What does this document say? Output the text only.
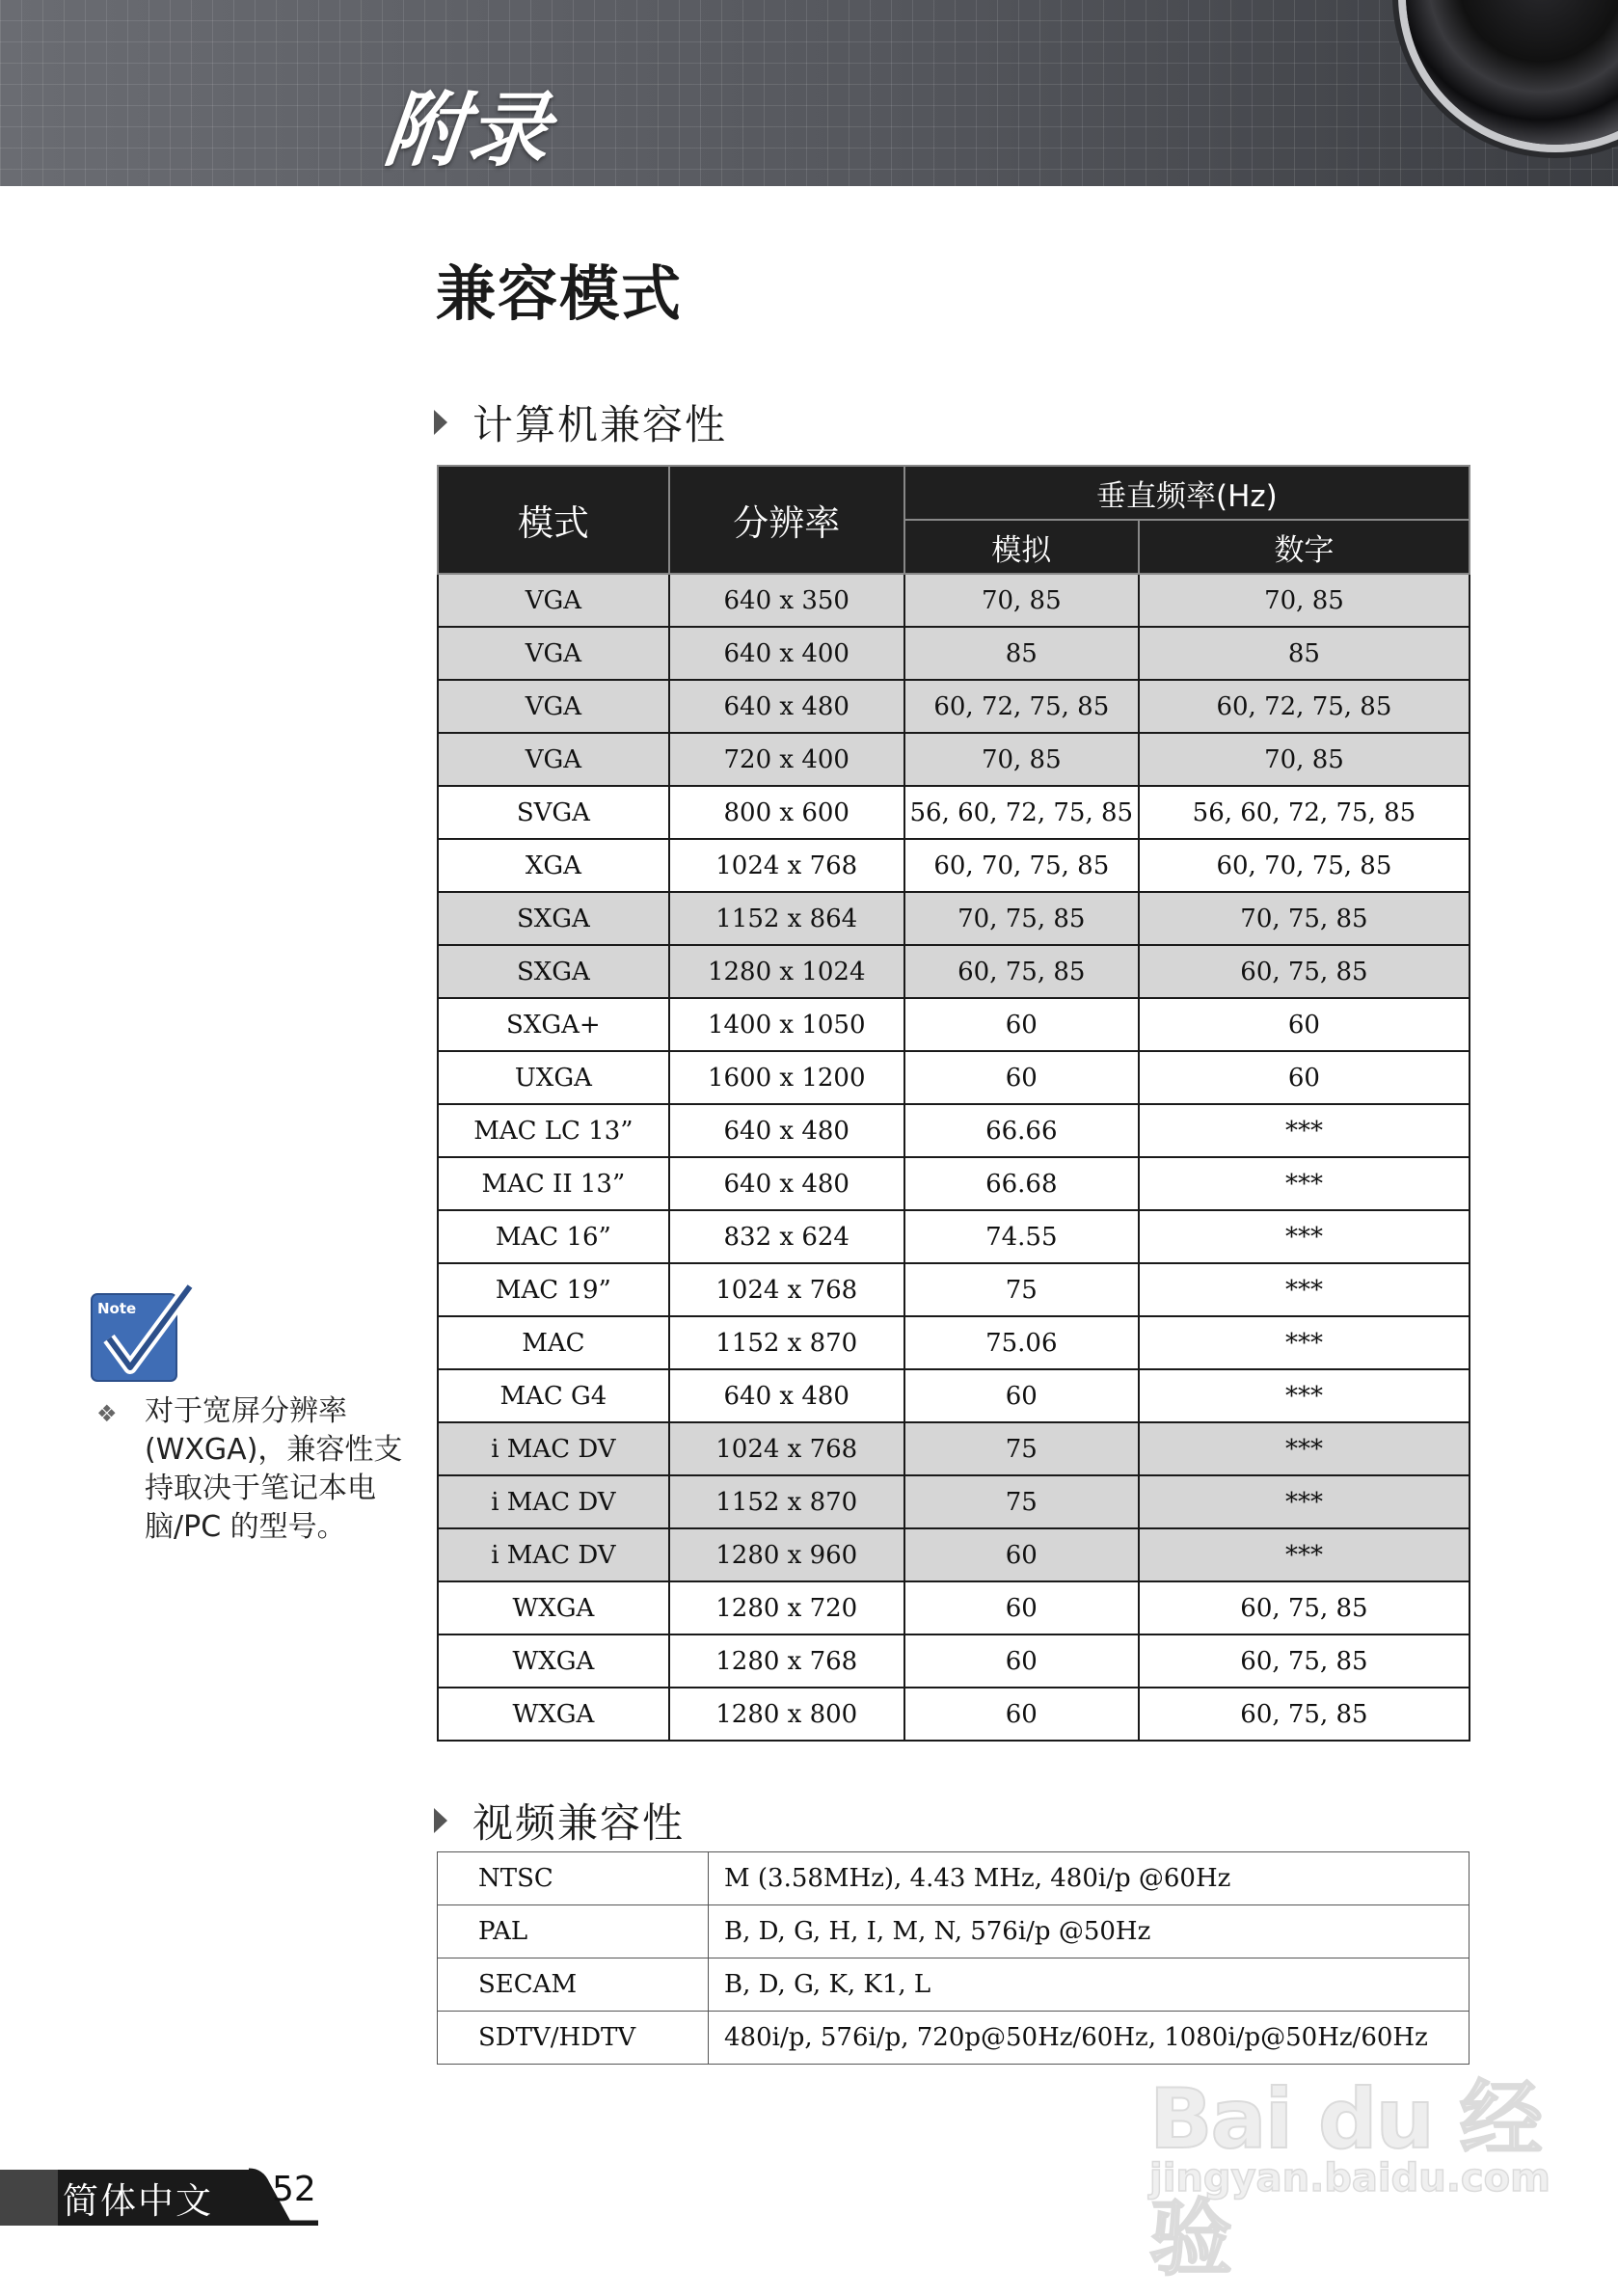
附录
兼容模式
计算机兼容性
模式	分辨率	垂直频率(Hz)	
		模拟	数字
VGA	640 x 350	70, 85	70, 85
VGA	640 x 400	85	85
VGA	640 x 480	60, 72, 75, 85	60, 72, 75, 85
VGA	720 x 400	70, 85	70, 85
SVGA	800 x 600	56, 60, 72, 75, 85	56, 60, 72, 75, 85
XGA	1024 x 768	60, 70, 75, 85	60, 70, 75, 85
SXGA	1152 x 864	70, 75, 85	70, 75, 85
SXGA	1280 x 1024	60, 75, 85	60, 75, 85
SXGA+	1400 x 1050	60	60
UXGA	1600 x 1200	60	60
MAC LC 13”	640 x 480	66.66	***
MAC II 13”	640 x 480	66.68	***
MAC 16”	832 x 624	74.55	***
MAC 19”	1024 x 768	75	***
MAC	1152 x 870	75.06	***
MAC G4	640 x 480	60	***
i MAC DV	1024 x 768	75	***
i MAC DV	1152 x 870	75	***
i MAC DV	1280 x 960	60	***
WXGA	1280 x 720	60	60, 75, 85
WXGA	1280 x 768	60	60, 75, 85
WXGA	1280 x 800	60	60, 75, 85
视频兼容性
NTSC	M (3.58MHz), 4.43 MHz, 480i/p @60Hz
PAL	B, D, G, H, I, M, N, 576i/p @50Hz
SECAM	B, D, G, K, K1, L
SDTV/HDTV	480i/p, 576i/p, 720p@50Hz/60Hz, 1080i/p@50Hz/60Hz
Note
❖ 对于宽屏分辨率(WXGA)，兼容性支持取决于笔记本电脑/PC 的型号。
简体中文 52
Bai du 经验
jingyan.baidu.com
